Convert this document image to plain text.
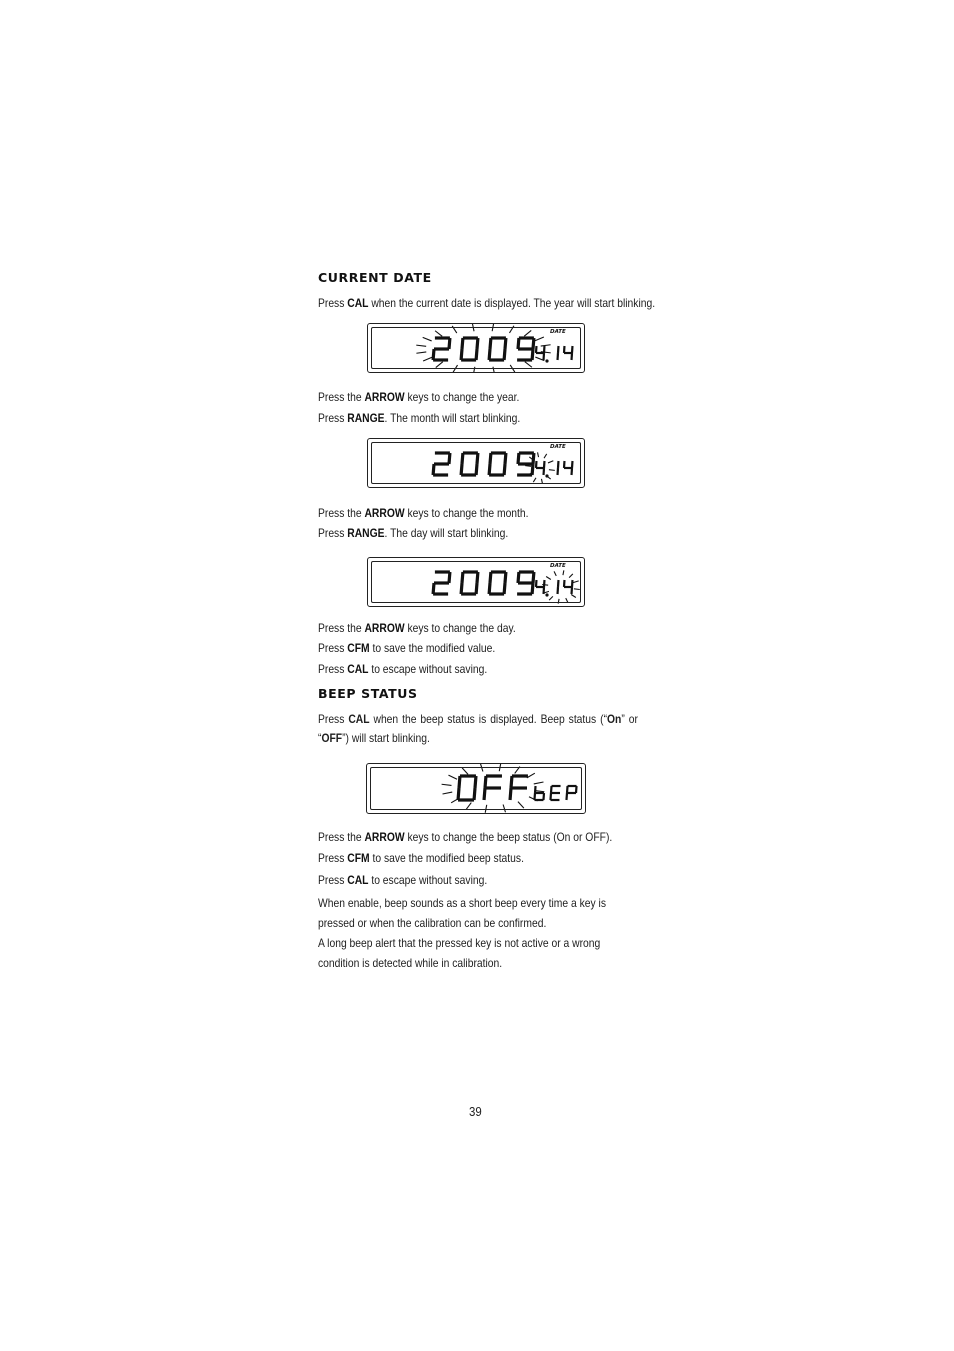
CURRENT DATE
Press CAL when the current date is displayed. The year will start blinking.
DATE
Press the ARROW keys to change the year.
Press RANGE. The month will start blinking.
DATE
Press the ARROW keys to change the month.
Press RANGE. The day will start blinking.
DATE
Press the ARROW keys to change the day.
Press CFM to save the modified value.
Press CAL to escape without saving.
BEEP STATUS
Press CAL when the beep status is displayed. Beep status (“On” or “OFF”) will start blinking.
Press the ARROW keys to change the beep status (On or OFF).
Press CFM to save the modified beep status.
Press CAL to escape without saving.
When enable, beep sounds as a short beep every time a key is pressed or when the calibration can be confirmed.
A long beep alert that the pressed key is not active or a wrong condition is detected while in calibration.
39
